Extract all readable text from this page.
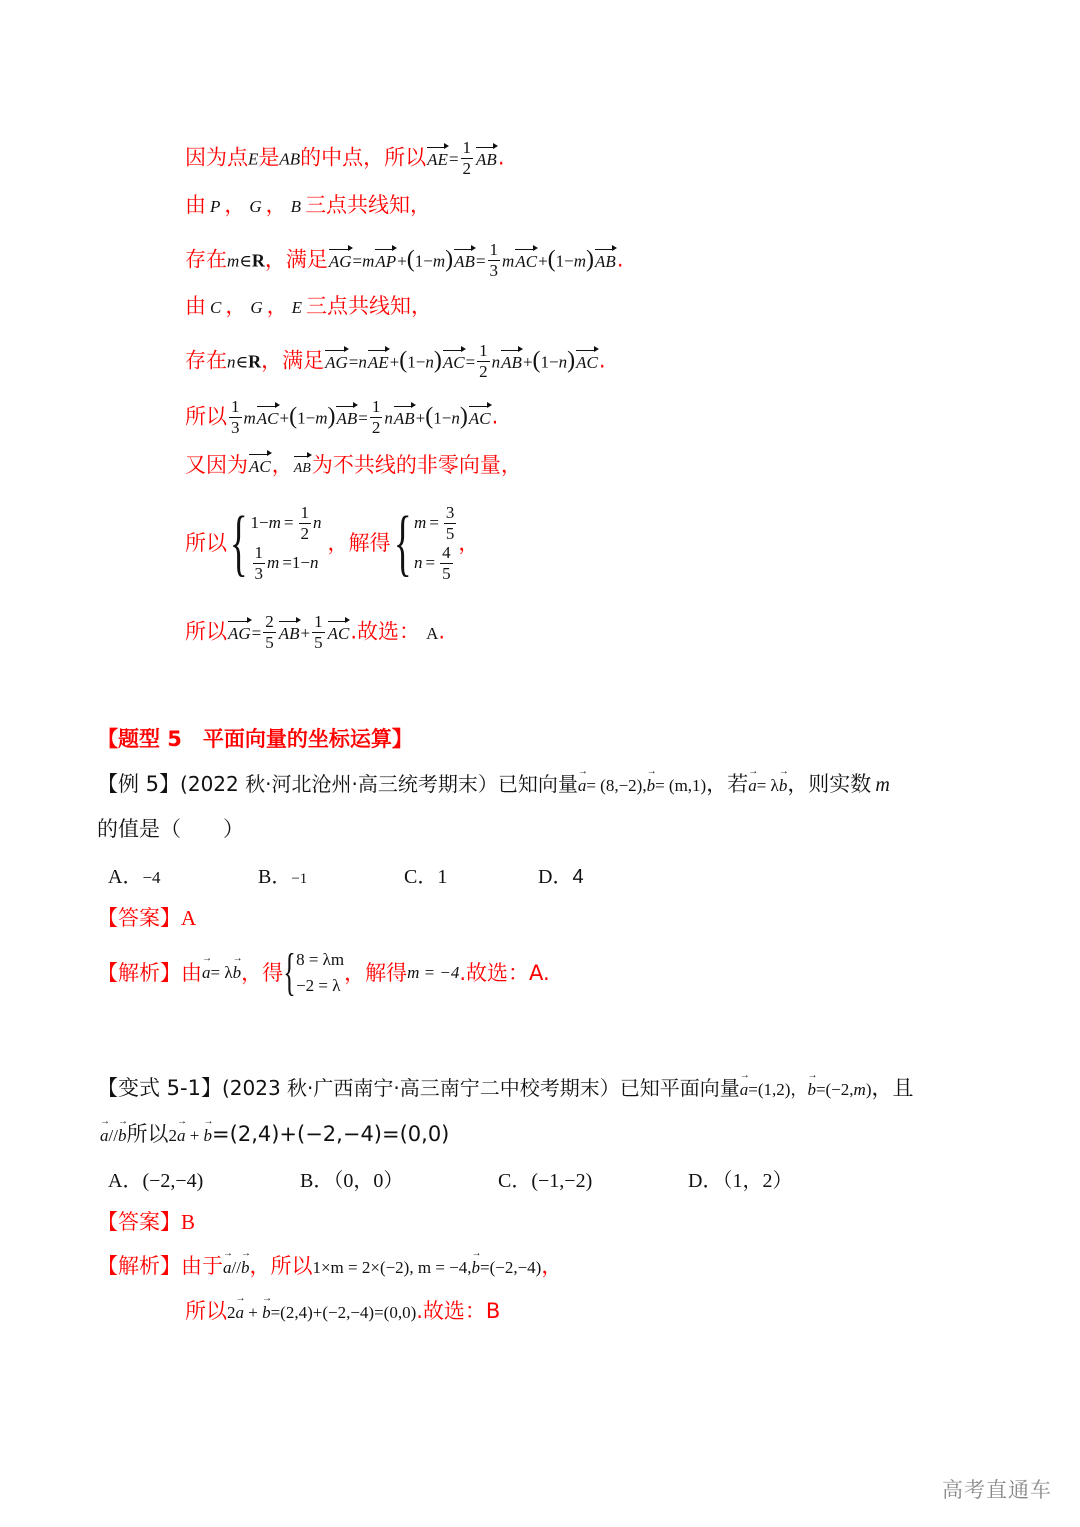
因为点E是AB的中点，所以$AE= \frac{1}{2}$ AB.
由 P ， G ， B 三点共线知，
存在m∈R，满足$AG=mAP+(1-m)AB= \frac{1}{3} mAC+(1-m)AB$.
由 C ， G ， E 三点共线知，
存在n∈R，满足$AG=nAE+(1-n)AC= \frac{1}{2} nAB+(1-n)AC$.
所以 $\frac{1}{3} mAC+(1-m)AB= \frac{1}{2} nAB+(1-n)AC$.
又因为AC，AB为不共线的非零向量，
所以 { $1- m = \frac{1}{2}$ n
$\frac{1}{3}$ m =1− n
，解得 { $m = \frac{3}{5}$
$n = \frac{4}{5}$ ，
所以$AG= \frac{2}{5} AB+ \frac{1}{5}$ AC.故选： A.
【题型 5　平面向量的坐标运算】
【例 5】(2022 秋·河北沧州·高三统考期末）已知向量a →= (8,−2),b →= (m,1)，若a →= λb →，则实数 m
的值是（　　）
A．−4	B．−1	C．1	D．4
【答案】A
【解析】 由 a → = λ b → ，得 { 8 = λm
−2 = λ
，解得 m = −4 .故选：A.
【变式 5-1】(2023 秋·广西南宁·高三南宁二中校考期末）已知平面向量a →=(1,2)，b →=(−2,m)，且
a →//b →所以2a → + b →=(2,4)+(−2,−4)=(0,0)
A．(−2,−4)	B．（0，0）	C．(−1,−2)	D．（1，2）
【答案】B
【解析】由于a →//b →，所以1×m = 2×(−2), m = −4,b →=(−2,−4)，
所以2a → + b →=(2,4)+(−2,−4)=(0,0).故选：B
高考直通车
